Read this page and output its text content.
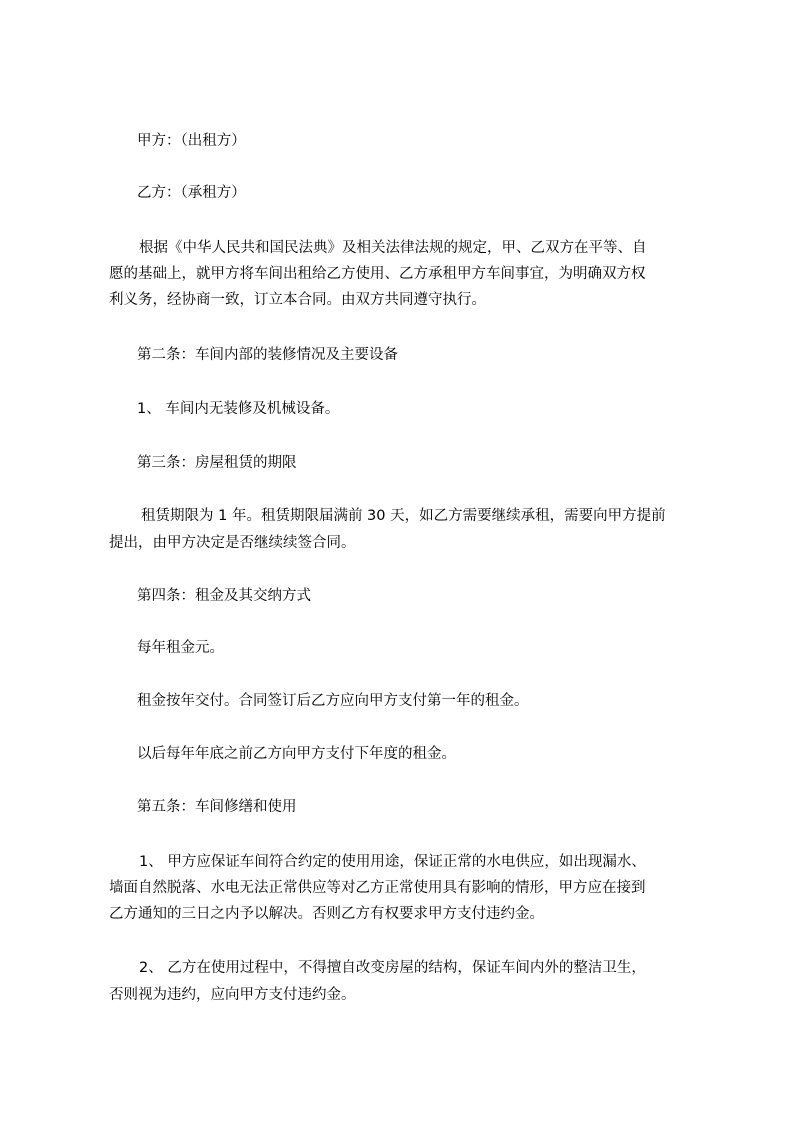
甲方：（出租方）

乙方：（承租方）

根据《中华人民共和国民法典》及相关法律法规的规定，甲、乙双方在平等、自

愿的基础上，就甲方将车间出租给乙方使用、乙方承租甲方车间事宜，为明确双方权

利义务，经协商一致，订立本合同。由双方共同遵守执行。

第二条：车间内部的装修情况及主要设备

1、 车间内无装修及机械设备。

第三条：房屋租赁的期限

租赁期限为 1 年。租赁期限届满前 30 天，如乙方需要继续承租，需要向甲方提前

提出，由甲方决定是否继续续签合同。

第四条：租金及其交纳方式

每年租金元。

租金按年交付。合同签订后乙方应向甲方支付第一年的租金。

以后每年年底之前乙方向甲方支付下年度的租金。

第五条：车间修缮和使用

1、 甲方应保证车间符合约定的使用用途，保证正常的水电供应，如出现漏水、

墙面自然脱落、水电无法正常供应等对乙方正常使用具有影响的情形，甲方应在接到

乙方通知的三日之内予以解决。否则乙方有权要求甲方支付违约金。

2、 乙方在使用过程中，不得擅自改变房屋的结构，保证车间内外的整洁卫生，

否则视为违约，应向甲方支付违约金。
